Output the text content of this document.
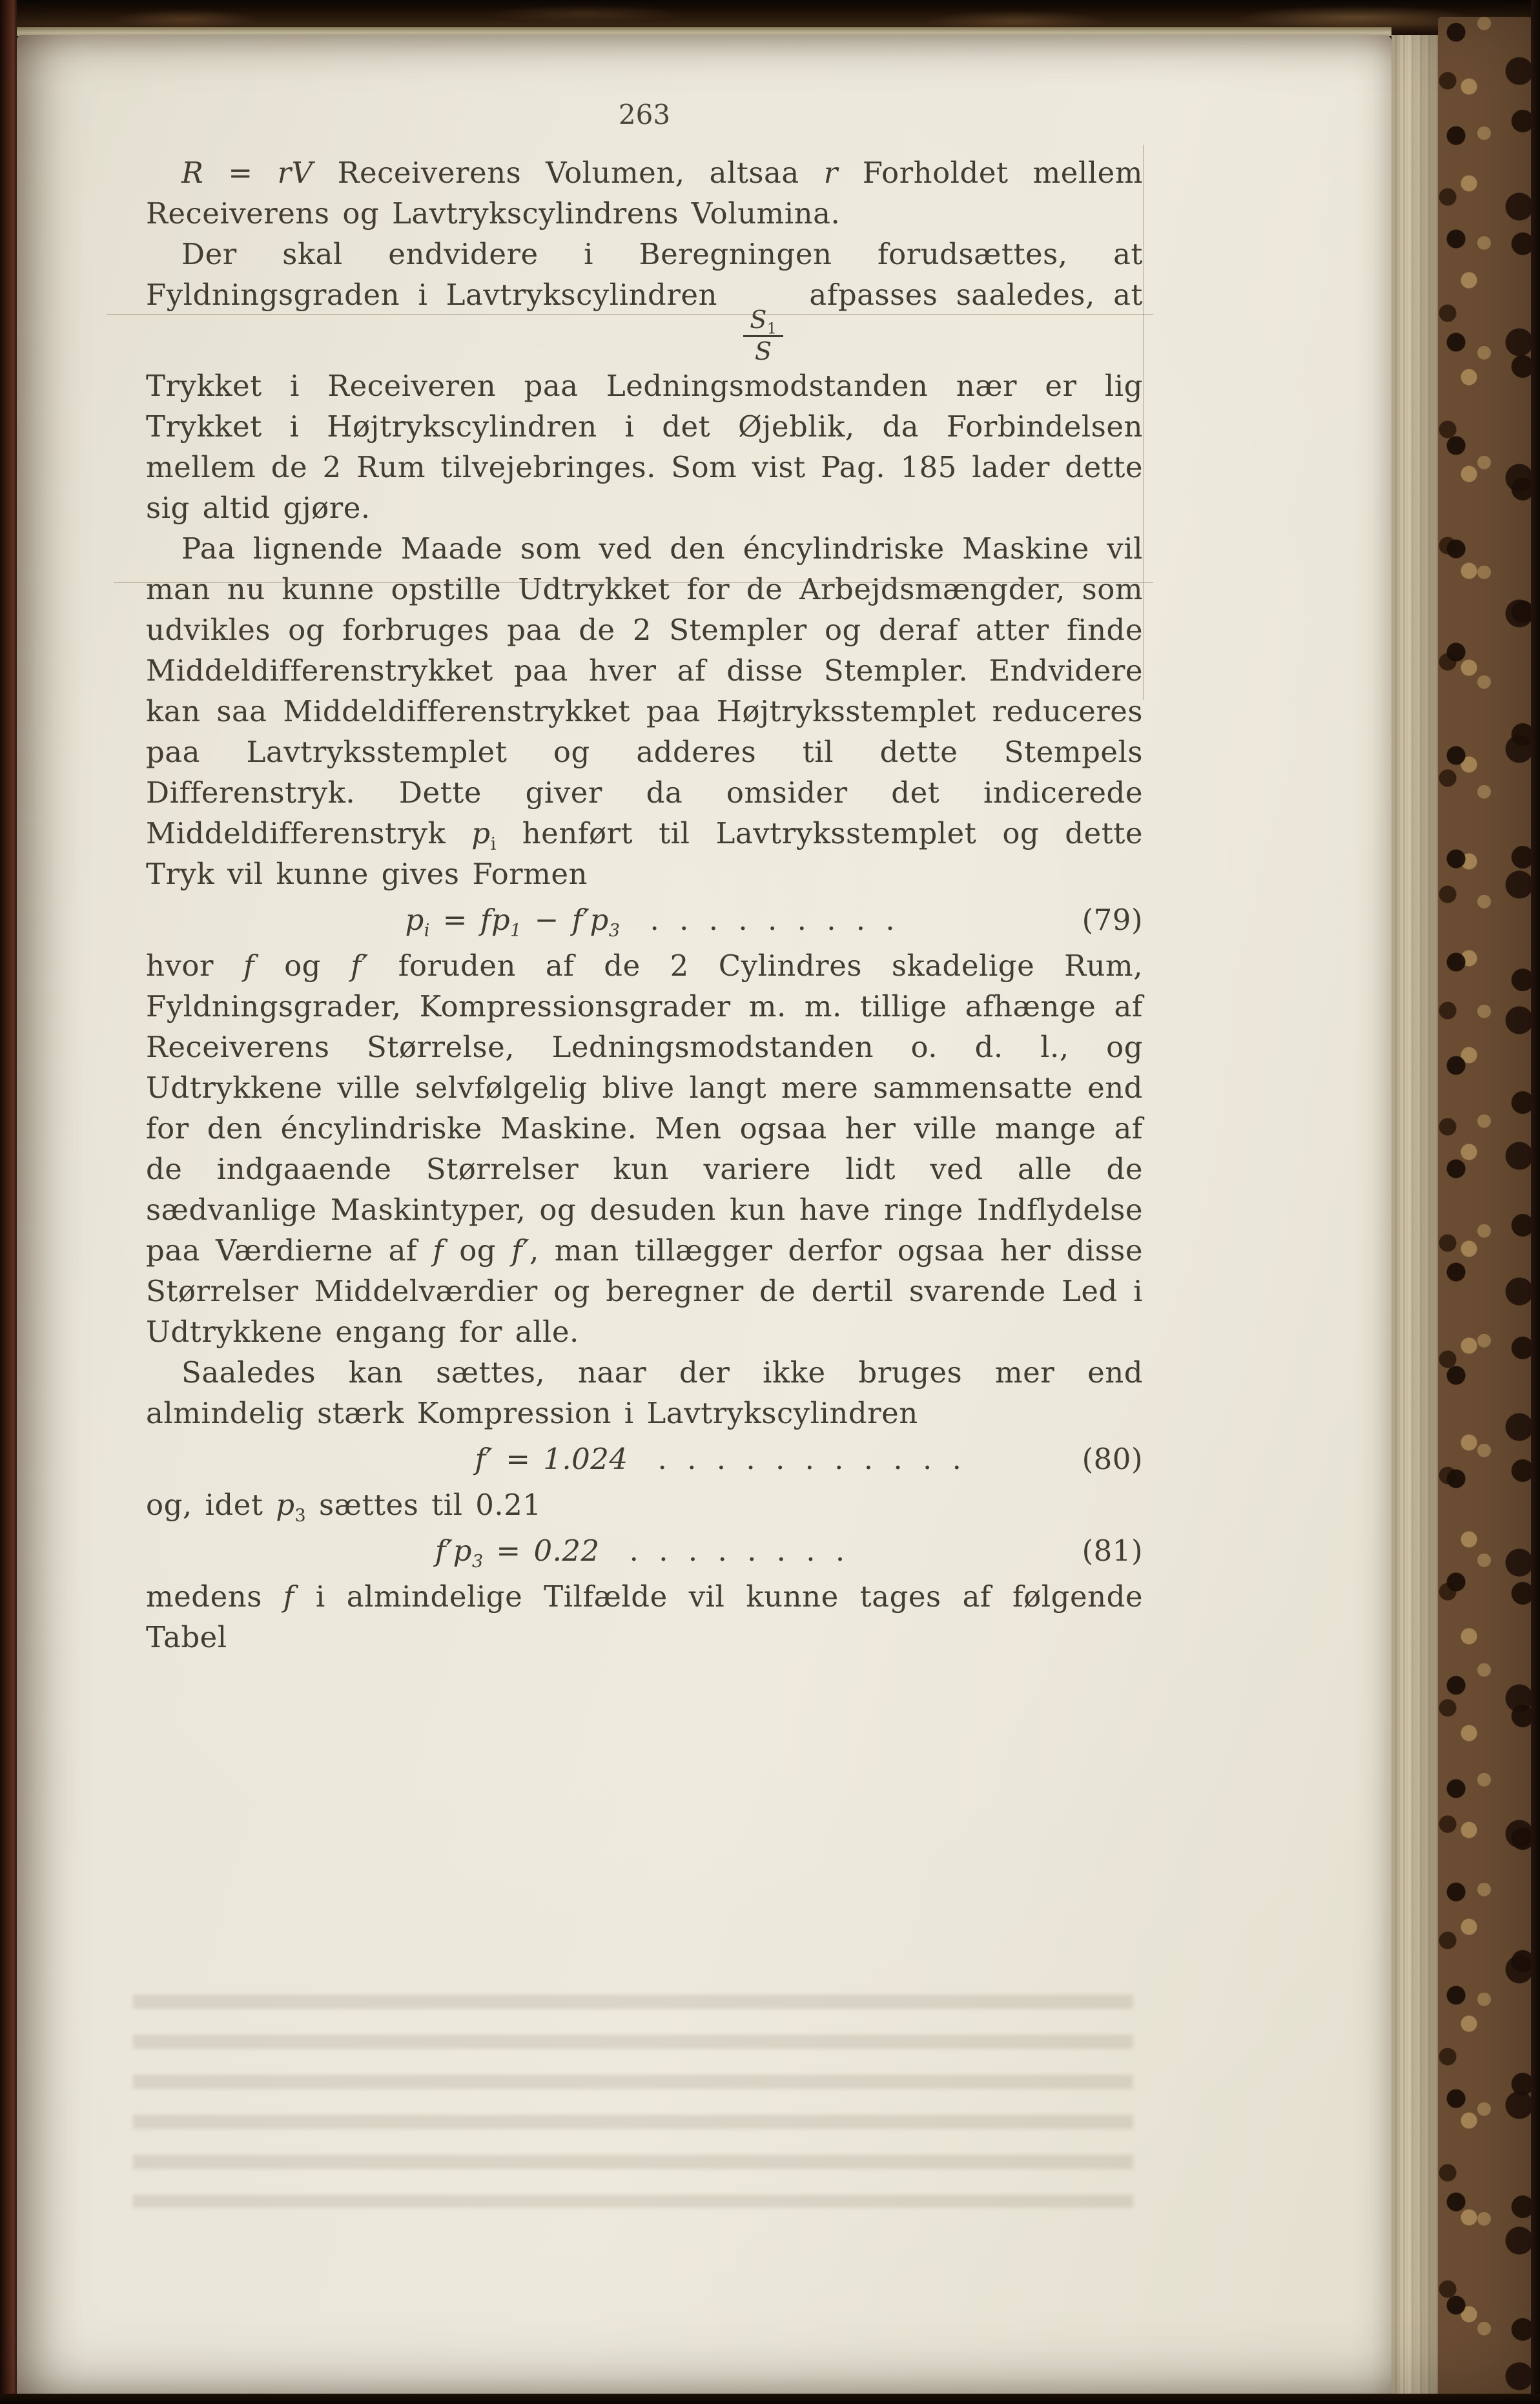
263

R = rV Receiverens Volumen, altsaa r Forholdet mellem Receiverens og Lavtrykscylindrens Volumina.

Der skal endvidere i Beregningen forudsættes, at Fyldningsgraden i Lavtrykscylindren
$\frac{S_1}{S}$
afpasses saaledes, at Trykket i Receiveren paa Ledningsmodstanden nær er lig Trykket i Højtrykscylindren i det Øjeblik, da Forbindelsen mellem de 2 Rum tilvejebringes. Som vist Pag. 185 lader dette sig altid gjøre.

Paa lignende Maade som ved den éncylindriske Maskine vil man nu kunne opstille Udtrykket for de Arbejdsmængder, som udvikles og forbruges paa de 2 Stempler og deraf atter finde Middeldifferenstrykket paa hver af disse Stempler. Endvidere kan saa Middeldifferenstrykket paa Højtryksstemplet reduceres paa Lavtryksstemplet og adderes til dette Stempels Differenstryk. Dette giver da omsider det indicerede Middeldifferenstryk $p_i$ henført til Lavtryksstemplet og dette Tryk vil kunne gives Formen

$p_i = fp_1 - f'p_3$ . . . . . . . . .	(79)

hvor f og f′ foruden af de 2 Cylindres skadelige Rum, Fyldningsgrader, Kompressionsgrader m. m. tillige afhænge af Receiverens Størrelse, Ledningsmodstanden o. d. l., og Udtrykkene ville selvfølgelig blive langt mere sammensatte end for den éncylindriske Maskine. Men ogsaa her ville mange af de indgaaende Størrelser kun variere lidt ved alle de sædvanlige Maskintyper, og desuden kun have ringe Indflydelse paa Værdierne af f og f′, man tillægger derfor ogsaa her disse Størrelser Middelværdier og beregner de dertil svarende Led i Udtrykkene engang for alle.

Saaledes kan sættes, naar der ikke bruges mer end almindelig stærk Kompression i Lavtrykscylindren

f′ = 1.024 . . . . . . . . . . .	(80)

og, idet $p_3$ sættes til 0.21

$f'p_3 = 0.22$ . . . . . . . .	(81)

medens f i almindelige Tilfælde vil kunne tages af følgende Tabel
